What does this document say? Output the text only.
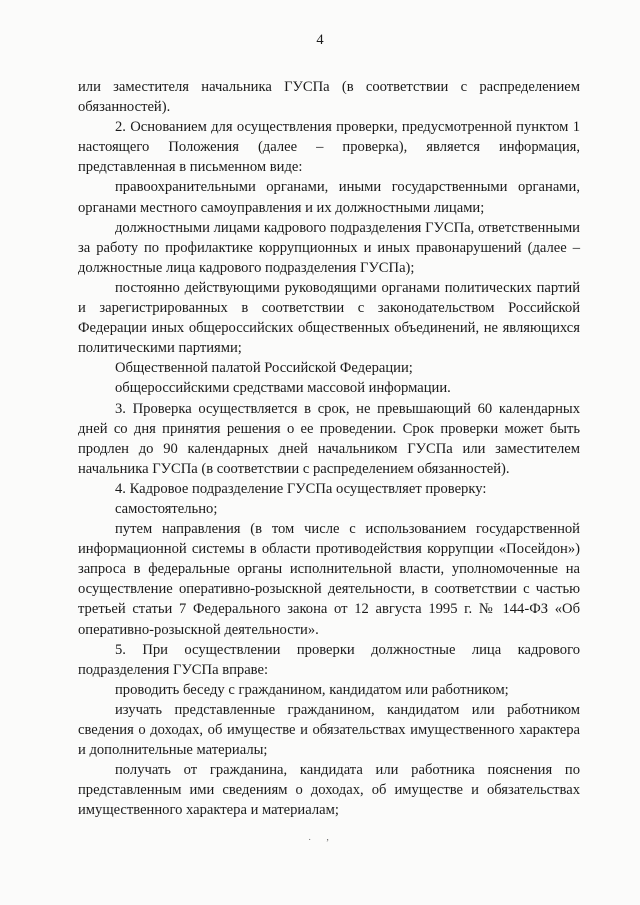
4

или заместителя начальника ГУСПа (в соответствии с распределением обязанностей).

2. Основанием для осуществления проверки, предусмотренной пунктом 1 настоящего Положения (далее – проверка), является информация, представленная в письменном виде:

правоохранительными органами, иными государственными органами, органами местного самоуправления и их должностными лицами;

должностными лицами кадрового подразделения ГУСПа, ответственными за работу по профилактике коррупционных и иных правонарушений (далее – должностные лица кадрового подразделения ГУСПа);

постоянно действующими руководящими органами политических партий и зарегистрированных в соответствии с законодательством Российской Федерации иных общероссийских общественных объединений, не являющихся политическими партиями;

Общественной палатой Российской Федерации;

общероссийскими средствами массовой информации.

3. Проверка осуществляется в срок, не превышающий 60 календарных дней со дня принятия решения о ее проведении. Срок проверки может быть продлен до 90 календарных дней начальником ГУСПа или заместителем начальника ГУСПа (в соответствии с распределением обязанностей).

4. Кадровое подразделение ГУСПа осуществляет проверку:

самостоятельно;

путем направления (в том числе с использованием государственной информационной системы в области противодействия коррупции «Посейдон») запроса в федеральные органы исполнительной власти, уполномоченные на осуществление оперативно-розыскной деятельности, в соответствии с частью третьей статьи 7 Федерального закона от 12 августа 1995 г. № 144-ФЗ «Об оперативно-розыскной деятельности».

5. При осуществлении проверки должностные лица кадрового подразделения ГУСПа вправе:

проводить беседу с гражданином, кандидатом или работником;

изучать представленные гражданином, кандидатом или работником сведения о доходах, об имуществе и обязательствах имущественного характера и дополнительные материалы;

получать от гражданина, кандидата или работника пояснения по представленным ими сведениям о доходах, об имуществе и обязательствах имущественного характера и материалам;

˙ ʼ
